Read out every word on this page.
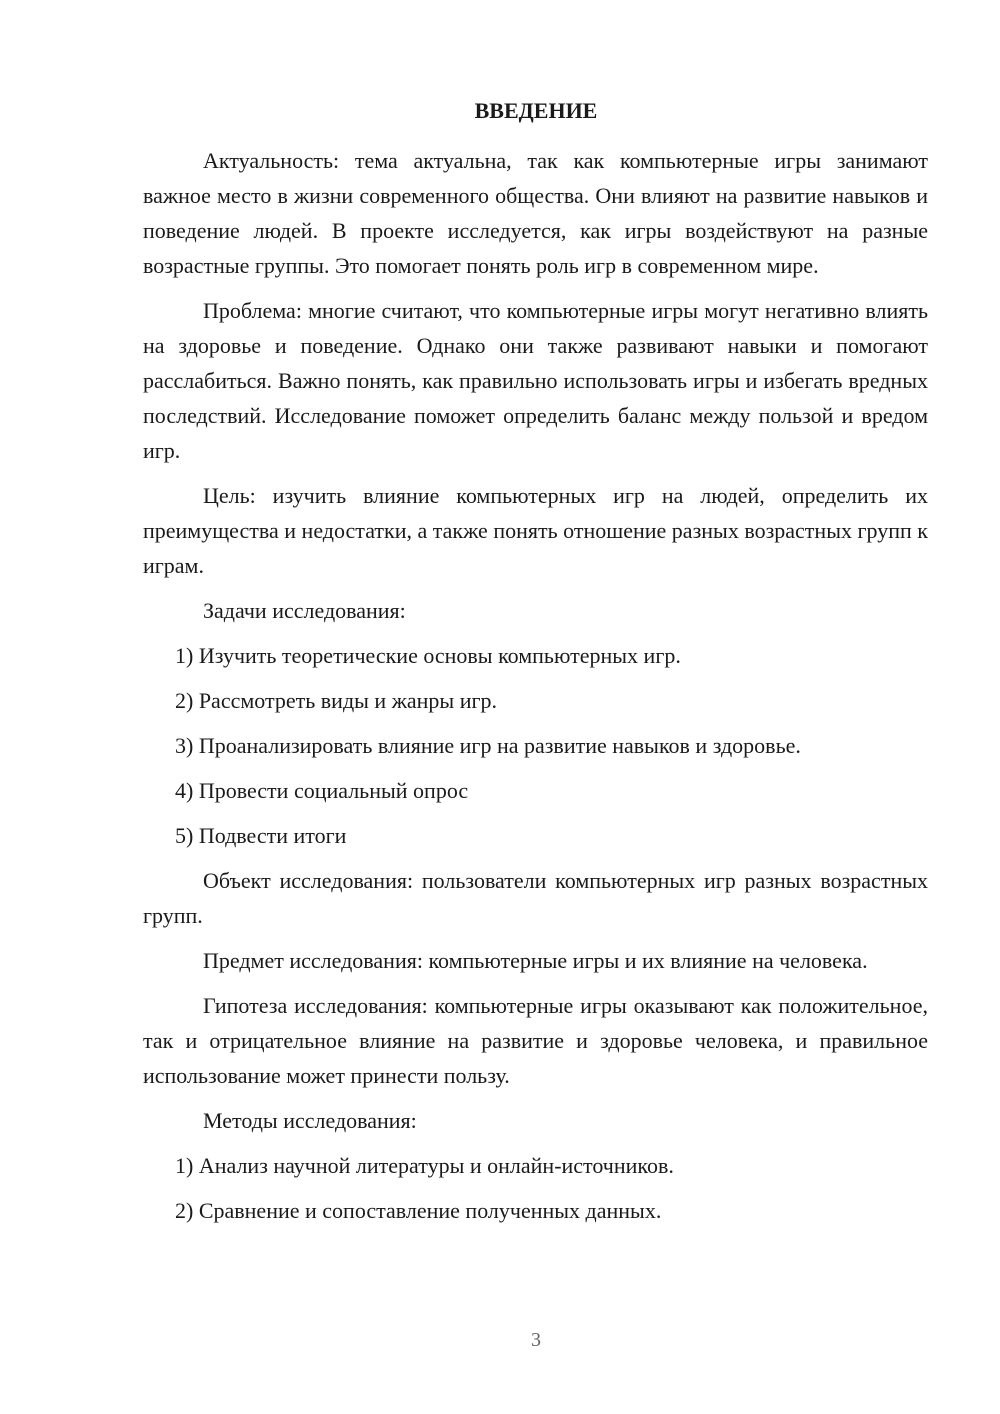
ВВЕДЕНИЕ

Актуальность: тема актуальна, так как компьютерные игры занимают важное место в жизни современного общества. Они влияют на развитие навыков и поведение людей. В проекте исследуется, как игры воздействуют на разные возрастные группы. Это помогает понять роль игр в современном мире.

Проблема: многие считают, что компьютерные игры могут негативно влиять на здоровье и поведение. Однако они также развивают навыки и помогают расслабиться. Важно понять, как правильно использовать игры и избегать вредных последствий. Исследование поможет определить баланс между пользой и вредом игр.

Цель: изучить влияние компьютерных игр на людей, определить их преимущества и недостатки, а также понять отношение разных возрастных групп к играм.

Задачи исследования:

1) Изучить теоретические основы компьютерных игр.
2) Рассмотреть виды и жанры игр.
3) Проанализировать влияние игр на развитие навыков и здоровье.
4) Провести социальный опрос
5) Подвести итоги

Объект исследования: пользователи компьютерных игр разных возрастных групп.

Предмет исследования: компьютерные игры и их влияние на человека.

Гипотеза исследования: компьютерные игры оказывают как положительное, так и отрицательное влияние на развитие и здоровье человека, и правильное использование может принести пользу.

Методы исследования:

1) Анализ научной литературы и онлайн-источников.
2) Сравнение и сопоставление полученных данных.
3
